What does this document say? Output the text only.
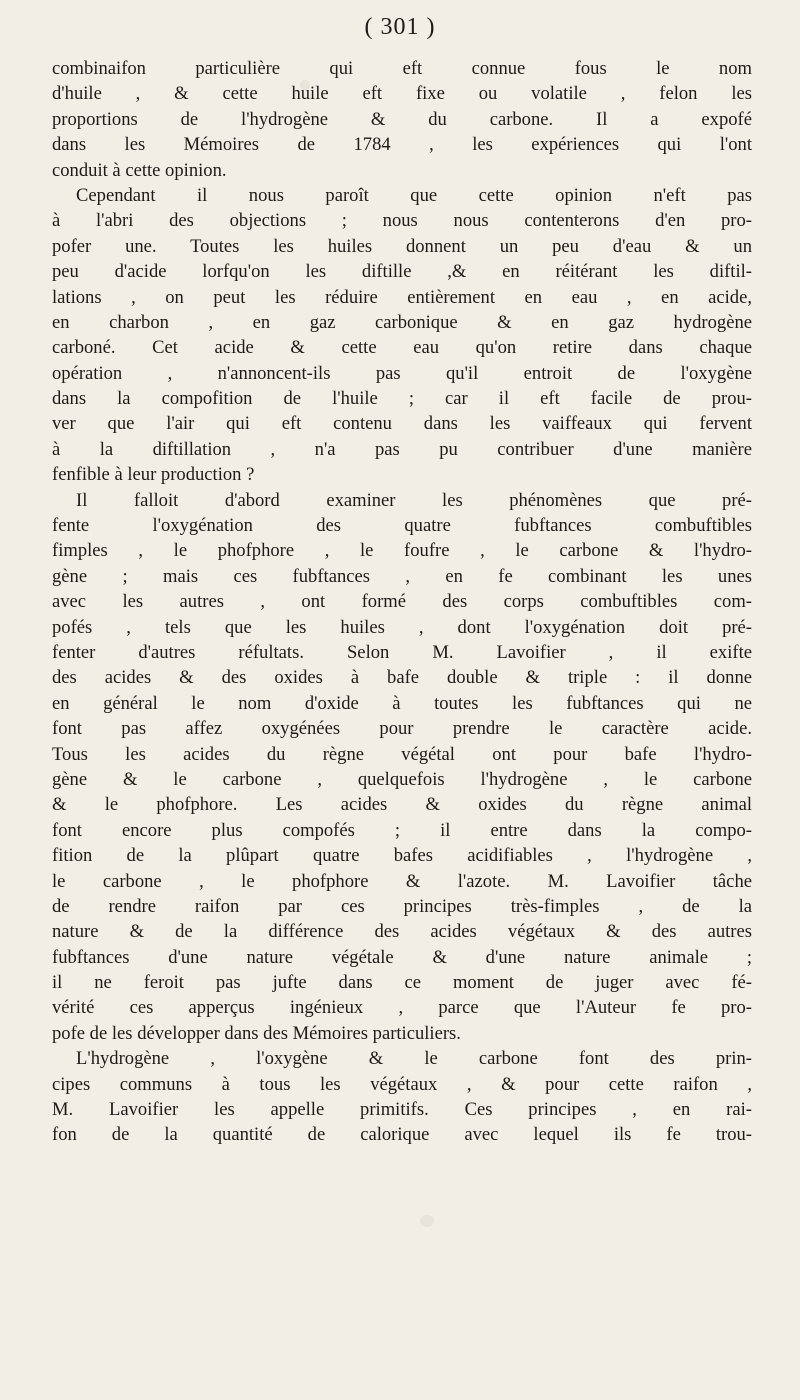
( 301 )
combinaifon particulière qui eft connue fous le nom
d'huile , & cette huile eft fixe ou volatile , felon les
proportions de l'hydrogène & du carbone. Il a expofé
dans les Mémoires de 1784 , les expériences qui l'ont
conduit à cette opinion.
Cependant il nous paroît que cette opinion n'eft pas
à l'abri des objections ; nous nous contenterons d'en pro-
pofer une. Toutes les huiles donnent un peu d'eau & un
peu d'acide lorfqu'on les diftille ,& en réitérant les diftil-
lations , on peut les réduire entièrement en eau , en acide,
en charbon , en gaz carbonique & en gaz hydrogène
carboné. Cet acide & cette eau qu'on retire dans chaque
opération , n'annoncent-ils pas qu'il entroit de l'oxygène
dans la compofition de l'huile ; car il eft facile de prou-
ver que l'air qui eft contenu dans les vaiffeaux qui fervent
à la diftillation , n'a pas pu contribuer d'une manière
fenfible à leur production ?
Il falloit d'abord examiner les phénomènes que pré-
fente l'oxygénation des quatre fubftances combuftibles
fimples , le phofphore , le foufre , le carbone & l'hydro-
gène ; mais ces fubftances , en fe combinant les unes
avec les autres , ont formé des corps combuftibles com-
pofés , tels que les huiles , dont l'oxygénation doit pré-
fenter d'autres réfultats. Selon M. Lavoifier , il exifte
des acides & des oxides à bafe double & triple : il donne
en général le nom d'oxide à toutes les fubftances qui ne
font pas affez oxygénées pour prendre le caractère acide.
Tous les acides du règne végétal ont pour bafe l'hydro-
gène & le carbone , quelquefois l'hydrogène , le carbone
& le phofphore. Les acides & oxides du règne animal
font encore plus compofés ; il entre dans la compo-
fition de la plûpart quatre bafes acidifiables , l'hydrogène ,
le carbone , le phofphore & l'azote. M. Lavoifier tâche
de rendre raifon par ces principes très-fimples , de la
nature & de la différence des acides végétaux & des autres
fubftances d'une nature végétale & d'une nature animale ;
il ne feroit pas jufte dans ce moment de juger avec fé-
vérité ces apperçus ingénieux , parce que l'Auteur fe pro-
pofe de les développer dans des Mémoires particuliers.
L'hydrogène , l'oxygène & le carbone font des prin-
cipes communs à tous les végétaux , & pour cette raifon ,
M. Lavoifier les appelle primitifs. Ces principes , en rai-
fon de la quantité de calorique avec lequel ils fe trou-
